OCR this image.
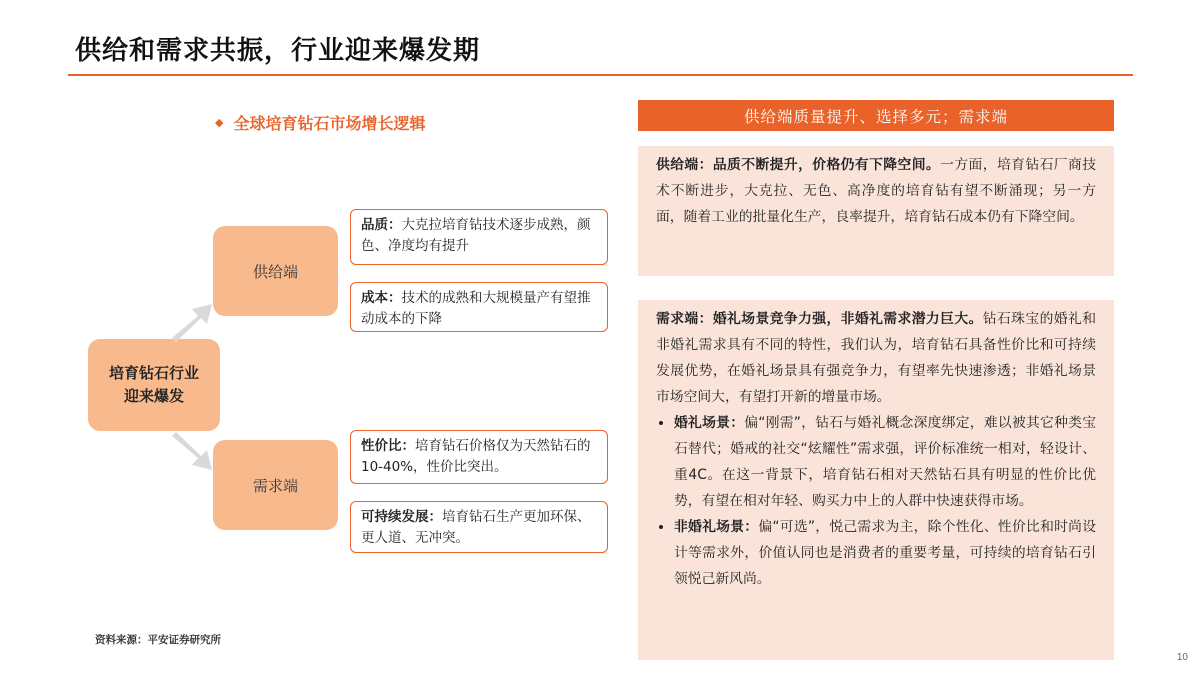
供给和需求共振，行业迎来爆发期
◆ 全球培育钻石市场增长逻辑
培育钻石行业
迎来爆发
供给端
需求端
品质：大克拉培育钻技术逐步成熟，颜色、净度均有提升
成本：技术的成熟和大规模量产有望推动成本的下降
性价比：培育钻石价格仅为天然钻石的10-40%，性价比突出。
可持续发展：培育钻石生产更加环保、更人道、无冲突。
资料来源：平安证券研究所
供给端质量提升、选择多元；需求端
供给端：品质不断提升，价格仍有下降空间。一方面，培育钻石厂商技术不断进步，大克拉、无色、高净度的培育钻有望不断涌现；另一方面，随着工业的批量化生产，良率提升，培育钻石成本仍有下降空间。
需求端：婚礼场景竞争力强，非婚礼需求潜力巨大。钻石珠宝的婚礼和非婚礼需求具有不同的特性，我们认为，培育钻石具备性价比和可持续发展优势，在婚礼场景具有强竞争力，有望率先快速渗透；非婚礼场景市场空间大，有望打开新的增量市场。
• 婚礼场景：偏“刚需”，钻石与婚礼概念深度绑定，难以被其它种类宝石替代；婚戒的社交“炫耀性”需求强，评价标准统一相对，轻设计、重4C。在这一背景下，培育钻石相对天然钻石具有明显的性价比优势，有望在相对年轻、购买力中上的人群中快速获得市场。
• 非婚礼场景：偏“可选”，悦己需求为主，除个性化、性价比和时尚设计等需求外，价值认同也是消费者的重要考量，可持续的培育钻石引领悦己新风尚。
10
